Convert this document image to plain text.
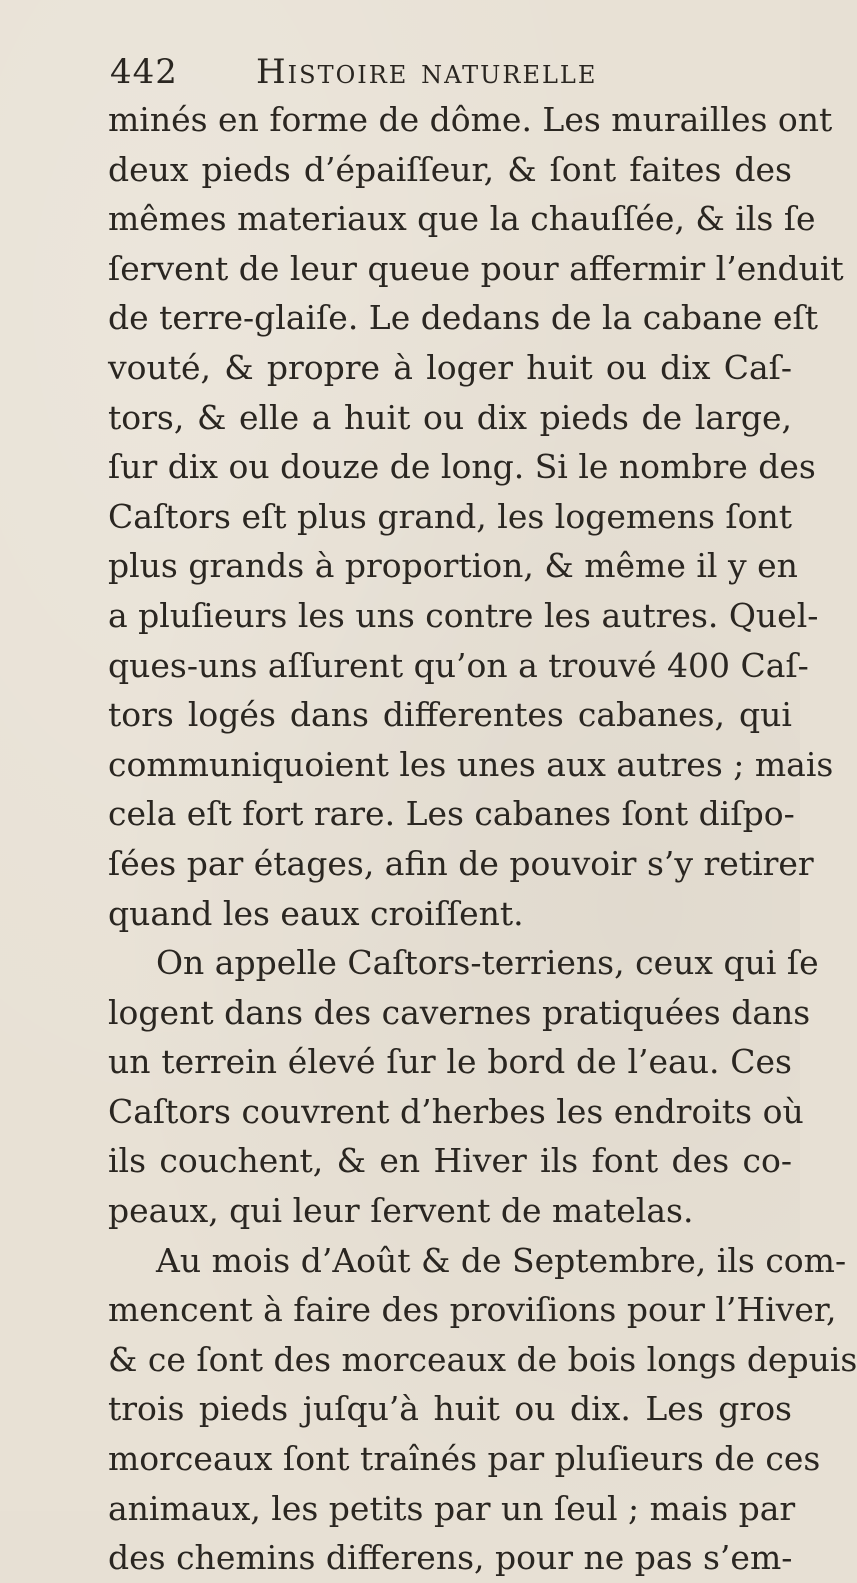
442 Histoire naturelle
minés en forme de dôme. Les murailles ont
deux pieds d’épaiſſeur, & ſont faites des
mêmes materiaux que la chauſſée, & ils ſe
ſervent de leur queue pour affermir l’enduit
de terre-glaiſe. Le dedans de la cabane eſt
vouté, & propre à loger huit ou dix Caſ-
tors, & elle a huit ou dix pieds de large,
ſur dix ou douze de long. Si le nombre des
Caſtors eſt plus grand, les logemens ſont
plus grands à proportion, & même il y en
a pluſieurs les uns contre les autres. Quel-
ques-uns aſſurent qu’on a trouvé 400 Caſ-
tors logés dans differentes cabanes, qui
communiquoient les unes aux autres ; mais
cela eſt fort rare. Les cabanes ſont diſpo-
ſées par étages, afin de pouvoir s’y retirer
quand les eaux croiſſent.
On appelle Caſtors-terriens, ceux qui ſe
logent dans des cavernes pratiquées dans
un terrein élevé ſur le bord de l’eau. Ces
Caſtors couvrent d’herbes les endroits où
ils couchent, & en Hiver ils font des co-
peaux, qui leur ſervent de matelas.
Au mois d’Août & de Septembre, ils com-
mencent à faire des proviſions pour l’Hiver,
& ce ſont des morceaux de bois longs depuis
trois pieds juſqu’à huit ou dix. Les gros
morceaux ſont traînés par pluſieurs de ces
animaux, les petits par un ſeul ; mais par
des chemins differens, pour ne pas s’em-
